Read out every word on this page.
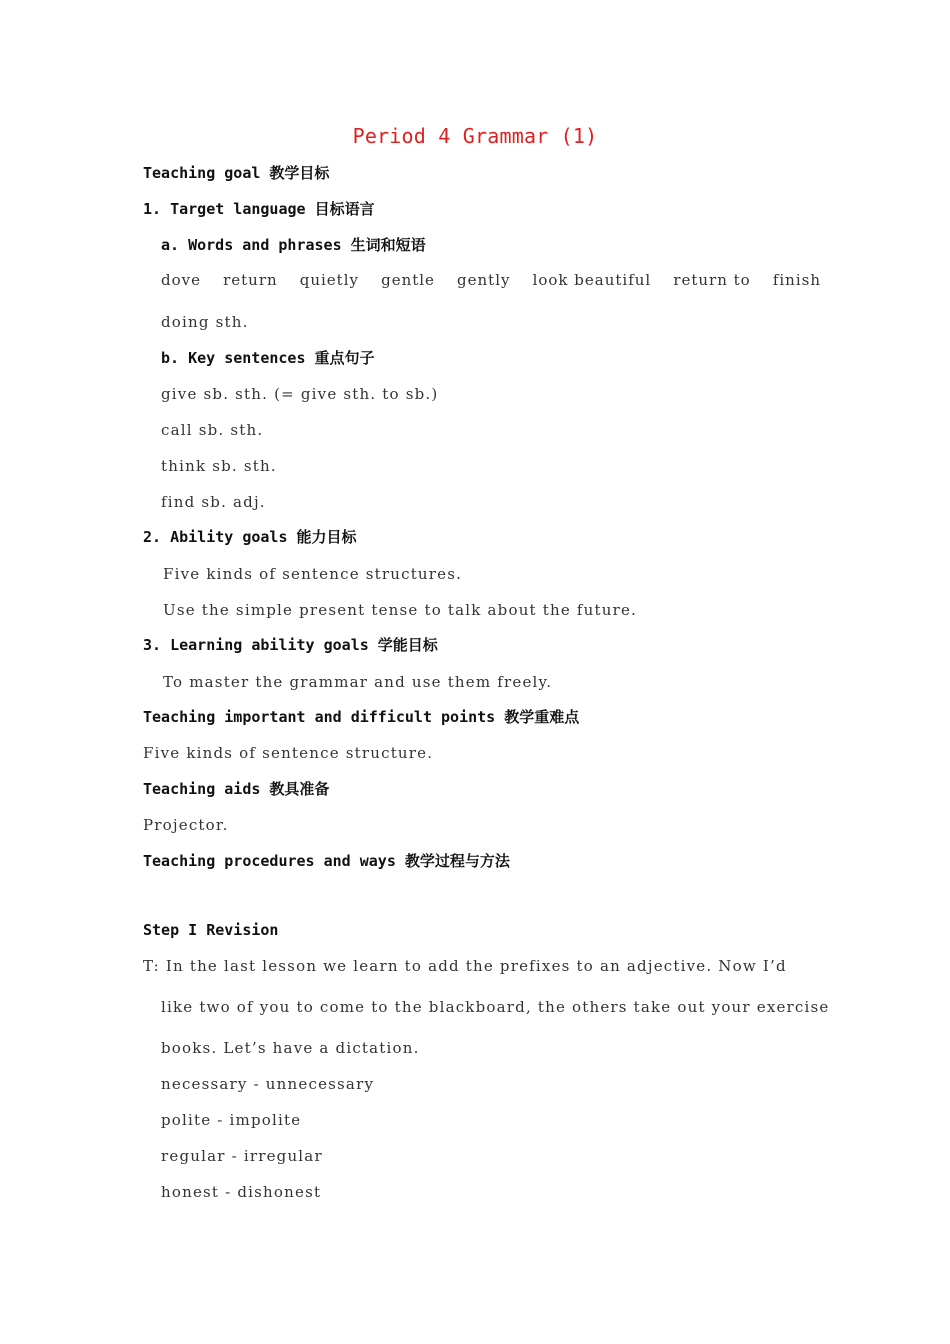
Period 4 Grammar (1)
Teaching goal 教学目标
1. Target language 目标语言
a. Words and phrases 生词和短语
dove return quietly gentle gently look beautiful return to finish
doing sth.
b. Key sentences 重点句子
give sb. sth. (= give sth. to sb.)
call sb. sth.
think sb. sth.
find sb. adj.
2. Ability goals 能力目标
Five kinds of sentence structures.
Use the simple present tense to talk about the future.
3. Learning ability goals 学能目标
To master the grammar and use them freely.
Teaching important and difficult points 教学重难点
Five kinds of sentence structure.
Teaching aids 教具准备
Projector.
Teaching procedures and ways 教学过程与方法
Step I Revision
T: In the last lesson we learn to add the prefixes to an adjective. Now I’d
like two of you to come to the blackboard, the others take out your exercise
books. Let’s have a dictation.
necessary - unnecessary
polite - impolite
regular - irregular
honest - dishonest
